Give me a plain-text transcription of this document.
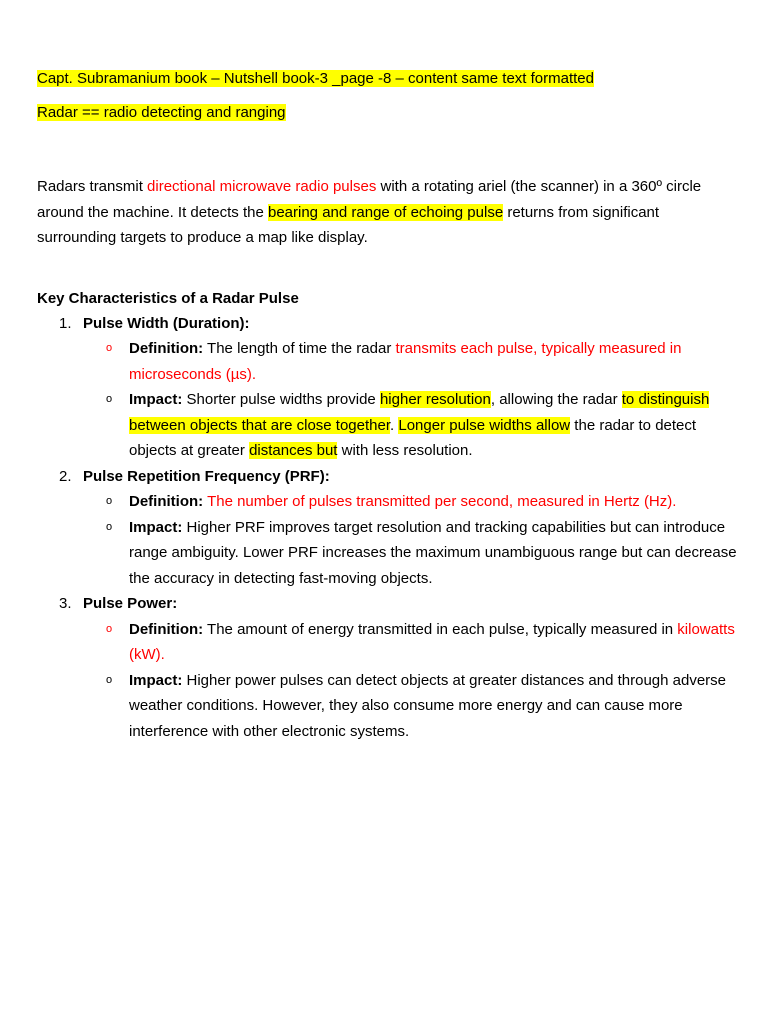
Capt. Subramanium book – Nutshell book-3 _page -8 – content same text formatted

Radar == radio detecting and ranging

Radars transmit directional microwave radio pulses with a rotating ariel (the scanner) in a 360º circle around the machine. It detects the bearing and range of echoing pulse returns from significant surrounding targets to produce a map like display.

Key Characteristics of a Radar Pulse

1. Pulse Width (Duration):
o Definition: The length of time the radar transmits each pulse, typically measured in microseconds (µs).
o Impact: Shorter pulse widths provide higher resolution, allowing the radar to distinguish between objects that are close together. Longer pulse widths allow the radar to detect objects at greater distances but with less resolution.
2. Pulse Repetition Frequency (PRF):
o Definition: The number of pulses transmitted per second, measured in Hertz (Hz).
o Impact: Higher PRF improves target resolution and tracking capabilities but can introduce range ambiguity. Lower PRF increases the maximum unambiguous range but can decrease the accuracy in detecting fast-moving objects.
3. Pulse Power:
o Definition: The amount of energy transmitted in each pulse, typically measured in kilowatts (kW).
o Impact: Higher power pulses can detect objects at greater distances and through adverse weather conditions. However, they also consume more energy and can cause more interference with other electronic systems.
